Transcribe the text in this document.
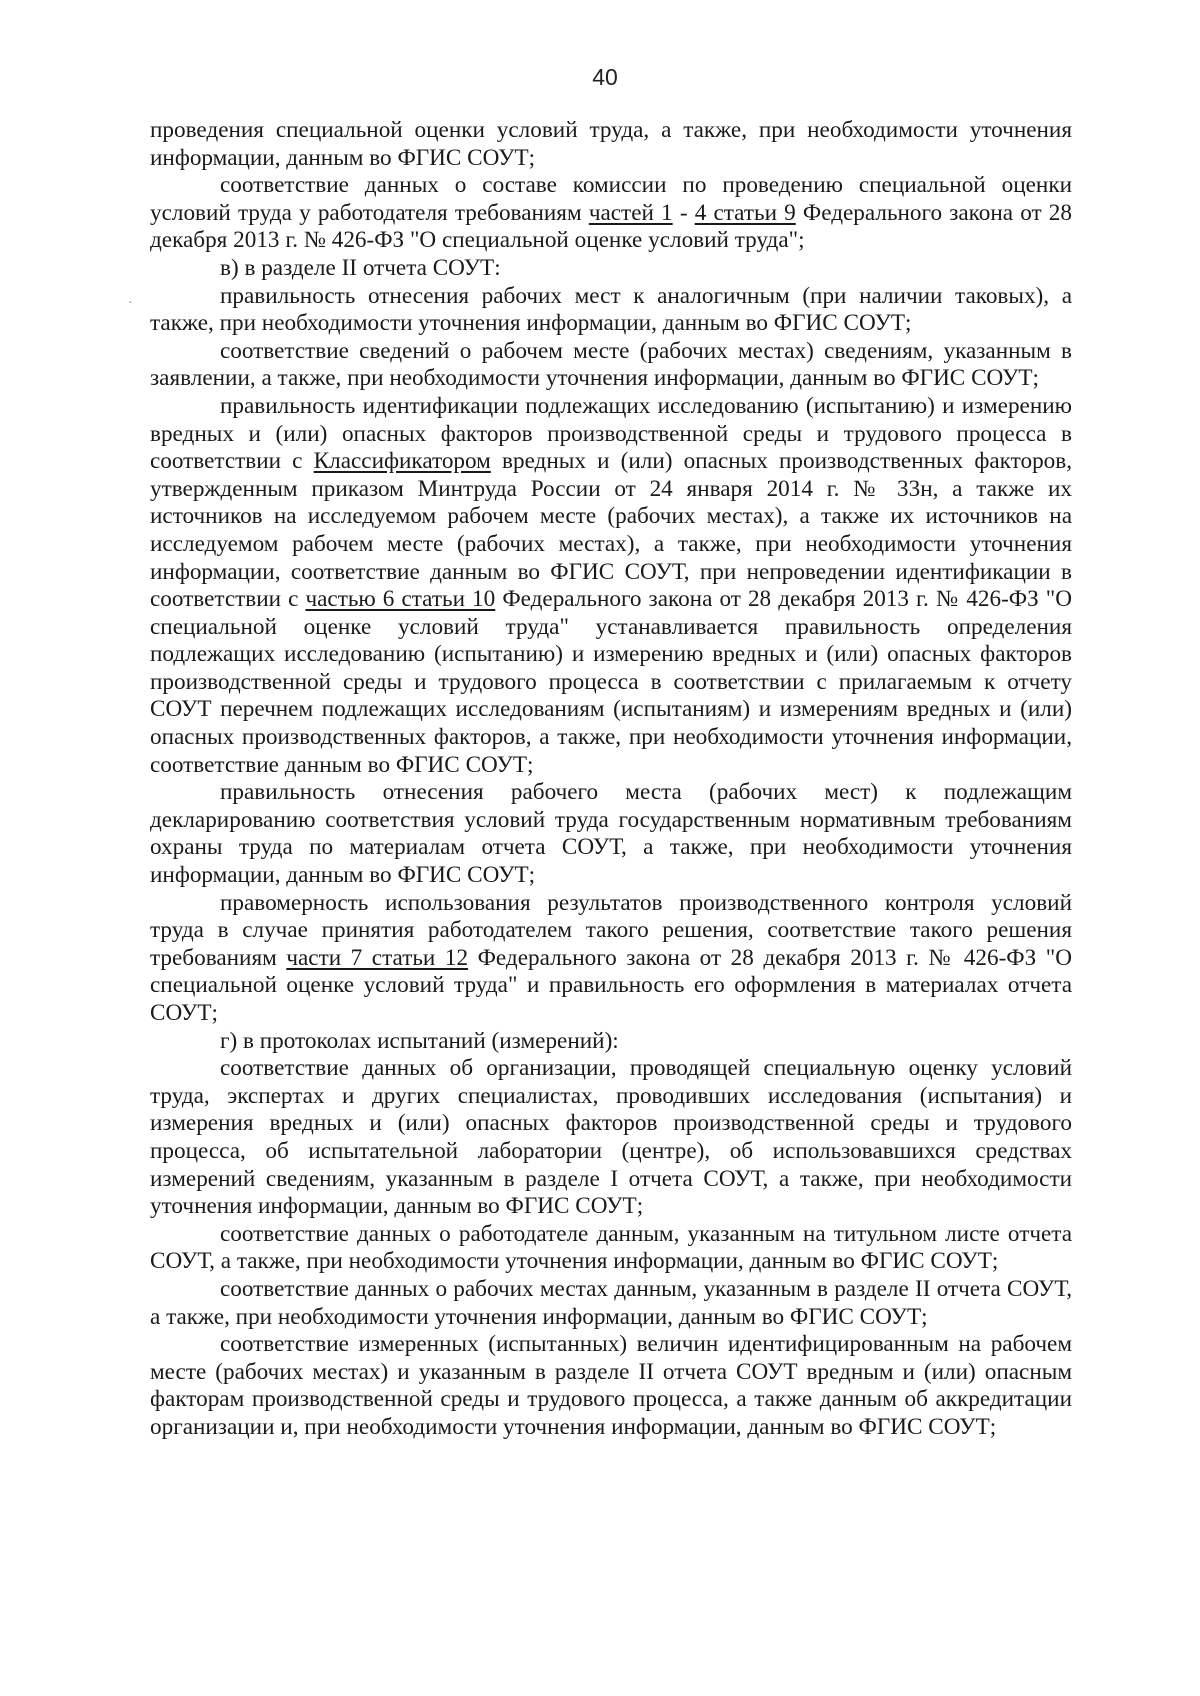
40

проведения специальной оценки условий труда, а также, при необходимости уточнения информации, данным во ФГИС СОУТ;

соответствие данных о составе комиссии по проведению специальной оценки условий труда у работодателя требованиям частей 1 - 4 статьи 9 Федерального закона от 28 декабря 2013 г. № 426-ФЗ "О специальной оценке условий труда";

в) в разделе II отчета СОУТ:

правильность отнесения рабочих мест к аналогичным (при наличии таковых), а также, при необходимости уточнения информации, данным во ФГИС СОУТ;

соответствие сведений о рабочем месте (рабочих местах) сведениям, указанным в заявлении, а также, при необходимости уточнения информации, данным во ФГИС СОУТ;

правильность идентификации подлежащих исследованию (испытанию) и измерению вредных и (или) опасных факторов производственной среды и трудового процесса в соответствии с Классификатором вредных и (или) опасных производственных факторов, утвержденным приказом Минтруда России от 24 января 2014 г. № 33н, а также их источников на исследуемом рабочем месте (рабочих местах), а также их источников на исследуемом рабочем месте (рабочих местах), а также, при необходимости уточнения информации, соответствие данным во ФГИС СОУТ, при непроведении идентификации в соответствии с частью 6 статьи 10 Федерального закона от 28 декабря 2013 г. № 426-ФЗ "О специальной оценке условий труда" устанавливается правильность определения подлежащих исследованию (испытанию) и измерению вредных и (или) опасных факторов производственной среды и трудового процесса в соответствии с прилагаемым к отчету СОУТ перечнем подлежащих исследованиям (испытаниям) и измерениям вредных и (или) опасных производственных факторов, а также, при необходимости уточнения информации, соответствие данным во ФГИС СОУТ;

правильность отнесения рабочего места (рабочих мест) к подлежащим декларированию соответствия условий труда государственным нормативным требованиям охраны труда по материалам отчета СОУТ, а также, при необходимости уточнения информации, данным во ФГИС СОУТ;

правомерность использования результатов производственного контроля условий труда в случае принятия работодателем такого решения, соответствие такого решения требованиям части 7 статьи 12 Федерального закона от 28 декабря 2013 г. № 426-ФЗ "О специальной оценке условий труда" и правильность его оформления в материалах отчета СОУТ;

г) в протоколах испытаний (измерений):

соответствие данных об организации, проводящей специальную оценку условий труда, экспертах и других специалистах, проводивших исследования (испытания) и измерения вредных и (или) опасных факторов производственной среды и трудового процесса, об испытательной лаборатории (центре), об использовавшихся средствах измерений сведениям, указанным в разделе I отчета СОУТ, а также, при необходимости уточнения информации, данным во ФГИС СОУТ;

соответствие данных о работодателе данным, указанным на титульном листе отчета СОУТ, а также, при необходимости уточнения информации, данным во ФГИС СОУТ;

соответствие данных о рабочих местах данным, указанным в разделе II отчета СОУТ, а также, при необходимости уточнения информации, данным во ФГИС СОУТ;

соответствие измеренных (испытанных) величин идентифицированным на рабочем месте (рабочих местах) и указанным в разделе II отчета СОУТ вредным и (или) опасным факторам производственной среды и трудового процесса, а также данным об аккредитации организации и, при необходимости уточнения информации, данным во ФГИС СОУТ;

·
